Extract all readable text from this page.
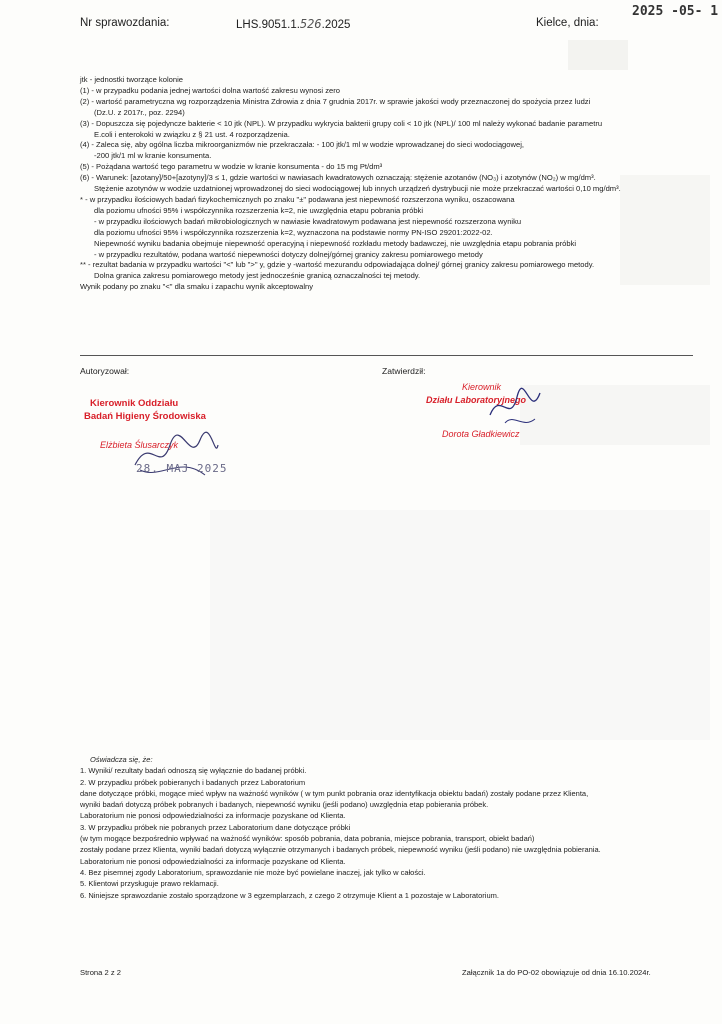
Nr sprawozdania:	LHS.9051.1.526.2025	Kielce, dnia:
2025 -05- 1
jtk - jednostki tworzące kolonie
(1) - w przypadku podania jednej wartości dolna wartość zakresu wynosi zero
(2) - wartość parametryczna wg rozporządzenia Ministra Zdrowia z dnia 7 grudnia 2017r. w sprawie jakości wody przeznaczonej do spożycia przez ludzi
(Dz.U. z 2017r., poz. 2294)
(3) - Dopuszcza się pojedyncze bakterie < 10 jtk (NPL). W przypadku wykrycia bakterii grupy coli < 10 jtk (NPL)/ 100 ml należy wykonać badanie parametru
E.coli i enterokoki w związku z § 21 ust. 4 rozporządzenia.
(4) - Zaleca się, aby ogólna liczba mikroorganizmów nie przekraczała: - 100 jtk/1 ml w wodzie wprowadzanej do sieci wodociągowej,
-200 jtk/1 ml w kranie konsumenta.
(5) - Pożądana wartość tego parametru w wodzie w kranie konsumenta - do 15 mg Pt/dm³
(6) - Warunek: [azotany]/50+[azotyny]/3 ≤ 1, gdzie wartości w nawiasach kwadratowych oznaczają: stężenie azotanów (NO₃) i azotynów (NO₂) w mg/dm³.
Stężenie azotynów w wodzie uzdatnionej wprowadzonej do sieci wodociągowej lub innych urządzeń dystrybucji nie może przekraczać wartości 0,10 mg/dm³.
* - w przypadku ilościowych badań fizykochemicznych po znaku "±" podawana jest niepewność rozszerzona wyniku, oszacowana
dla poziomu ufności 95% i współczynnika rozszerzenia k=2, nie uwzględnia etapu pobrania próbki
- w przypadku ilościowych badań mikrobiologicznych w nawiasie kwadratowym podawana jest niepewność rozszerzona wyniku
dla poziomu ufności 95% i współczynnika rozszerzenia k=2, wyznaczona na podstawie normy PN-ISO 29201:2022-02.
Niepewność wyniku badania obejmuje niepewność operacyjną i niepewność rozkładu metody badawczej, nie uwzględnia etapu pobrania próbki
- w przypadku rezultatów, podana wartość niepewności dotyczy dolnej/górnej granicy zakresu pomiarowego metody
** - rezultat badania w przypadku wartości "<" lub ">" y, gdzie y -wartość mezurandu odpowiadająca dolnej/ górnej granicy zakresu pomiarowego metody.
Dolna granica zakresu pomiarowego metody jest jednocześnie granicą oznaczalności tej metody.
Wynik podany po znaku "<" dla smaku i zapachu wynik akceptowalny
Autoryzował:	Zatwierdził:
Kierownik Oddziału
Badań Higieny Środowiska
Elżbieta Ślusarczyk
28. MAJ 2025
Kierownik
Działu Laboratoryjnego
Dorota Gładkiewicz
Oświadcza się, że:
1. Wyniki/ rezultaty badań odnoszą się wyłącznie do badanej próbki.
2. W przypadku próbek pobieranych i badanych przez Laboratorium
dane dotyczące próbki, mogące mieć wpływ na ważność wyników ( w tym punkt pobrania oraz identyfikacja obiektu badań) zostały podane przez Klienta,
wyniki badań dotyczą próbek pobranych i badanych, niepewność wyniku (jeśli podano) uwzględnia etap pobierania próbek.
Laboratorium nie ponosi odpowiedzialności za informacje pozyskane od Klienta.
3. W przypadku próbek nie pobranych przez Laboratorium dane dotyczące próbki
(w tym mogące bezpośrednio wpływać na ważność wyników: sposób pobrania, data pobrania, miejsce pobrania, transport, obiekt badań)
zostały podane przez Klienta, wyniki badań dotyczą wyłącznie otrzymanych i badanych próbek, niepewność wyniku (jeśli podano) nie uwzględnia pobierania.
Laboratorium nie ponosi odpowiedzialności za informacje pozyskane od Klienta.
4. Bez pisemnej zgody Laboratorium, sprawozdanie nie może być powielane inaczej, jak tylko w całości.
5. Klientowi przysługuje prawo reklamacji.
6. Niniejsze sprawozdanie zostało sporządzone w 3 egzemplarzach, z czego 2 otrzymuje Klient a 1 pozostaje w Laboratorium.
Strona 2 z 2	Załącznik 1a do PO-02 obowiązuje od dnia 16.10.2024r.
